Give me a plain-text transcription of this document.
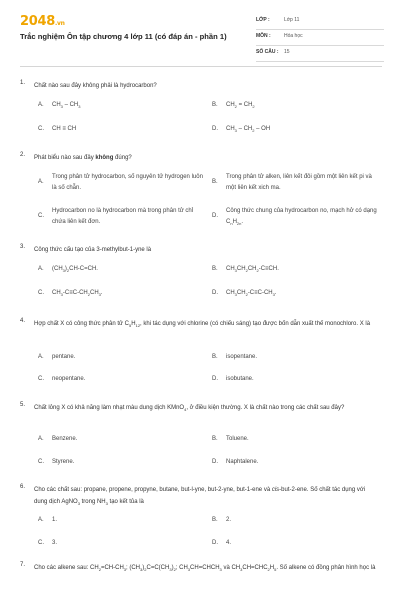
2048.vn
Trắc nghiệm Ôn tập chương 4 lớp 11 (có đáp án - phần 1)
LỚP :	Lớp 11
MÔN :	Hóa học
SỐ CÂU : 15
1. Chất nào sau đây không phải là hydrocarbon?
A. $CH_3 - CH_3$	B. $CH_2 = CH_2$
C. CH ≡ CH	D. $CH_3 - CH_2$ – OH
2. Phát biểu nào sau đây không đúng?
A.
Trong phân tử hydrocarbon, số nguyên tử hydrogen luôn là số chẵn.
B.
Trong phân tử alken, liên kết đôi gồm một liên kết pi và một liên kết xich ma.
C.
Hydrocarbon no là hydrocarbon mà trong phân tử chỉ chứa liên kết đơn.
D.
Công thức chung của hydrocarbon no, mạch hở có dạng $C_nH_{2n}$.
3. Công thức cấu tạo của 3-methylbut-1-yne là
A. $(CH_3)_2CH-C=CH$.	B. $CH_3CH_2CH_2-C\equiv CH$.
C. $CH_3-C\equiv C-CH_2CH_3$.	D. $CH_3CH_2-C\equiv C-CH_3$.
4. Hợp chất X có công thức phân tử $C_5H_{12}$, khi tác dụng với chlorine (có chiếu sáng) tạo được bốn dẫn xuất thế monochloro. X là
A. pentane.	B. isopentane.
C. neopentane.	D. isobutane.
5. Chất lỏng X có khả năng làm nhạt màu dung dịch KMnO$_4$, ở điều kiện thường. X là chất nào trong các chất sau đây?
A. Benzene.	B. Toluene.
C. Styrene.	D. Naphtalene.
6. Cho các chất sau: propane, propene, propyne, butane, but-l-yne, but-2-yne, but-1-ene và cis-but-2-ene. Số chất tác dụng với dung dịch AgNO$_3$ trong $NH_3$ tạo kết tủa là
A. 1.	B. 2.
C. 3.	D. 4.
7. Cho các alkene sau: $CH_2=CH-CH_3$; $(CH_3)_2C=C(CH_3)_2$; $CH_3CH=CHCH_3$ và $CH_3CH=CHC_2H_5$. Số alkene có đồng phân hình học là
